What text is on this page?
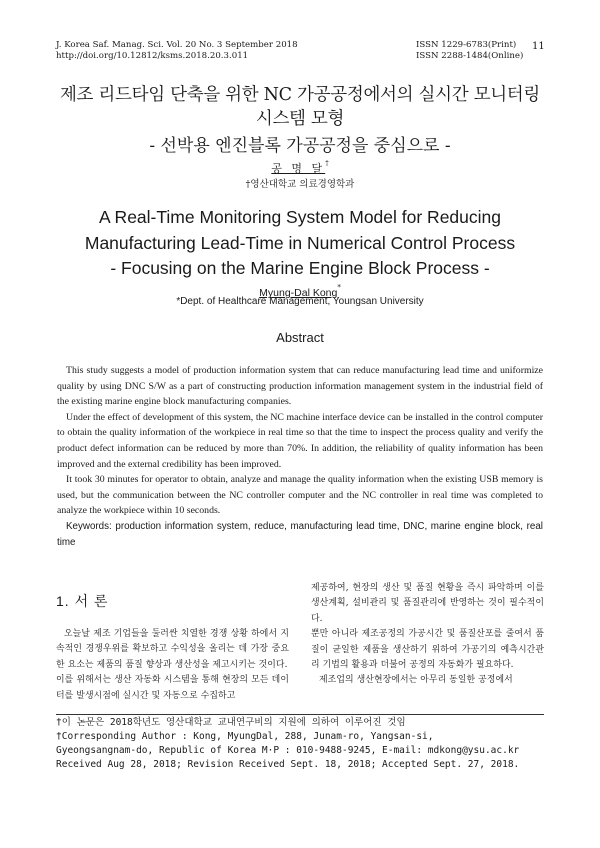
J. Korea Saf. Manag. Sci. Vol. 20 No. 3 September 2018
http://doi.org/10.12812/ksms.2018.20.3.011
ISSN 1229-6783(Print)
ISSN 2288-1484(Online)
11
제조 리드타임 단축을 위한 NC 가공공정에서의 실시간 모니터링
시스템 모형
- 선박용 엔진블록 가공공정을 중심으로 -
공 명 달†
†영산대학교 의료경영학과
A Real-Time Monitoring System Model for Reducing
Manufacturing Lead-Time in Numerical Control Process
- Focusing on the Marine Engine Block Process -
Myung-Dal Kong*
*Dept. of Healthcare Management, Youngsan University
Abstract

This study suggests a model of production information system that can reduce manufacturing lead time and uniformize quality by using DNC S/W as a part of constructing production information management system in the industrial field of the existing marine engine block manufacturing companies.

Under the effect of development of this system, the NC machine interface device can be installed in the control computer to obtain the quality information of the workpiece in real time so that the time to inspect the process quality and verify the product defect information can be reduced by more than 70%. In addition, the reliability of quality information has been improved and the external credibility has been improved.

It took 30 minutes for operator to obtain, analyze and manage the quality information when the existing USB memory is used, but the communication between the NC controller computer and the NC controller in real time was completed to analyze the workpiece within 10 seconds.

Keywords: production information system, reduce, manufacturing lead time, DNC, marine engine block, real time

1. 서 론

오늘날 제조 기업들을 둘러싼 치열한 경쟁 상황 하에서 지속적인 경쟁우위를 확보하고 수익성을 올리는 데 가장 중요한 요소는 제품의 품질 향상과 생산성을 제고시키는 것이다.

이를 위해서는 생산 자동화 시스템을 통해 현장의 모든 데이터를 발생시점에 실시간 및 자동으로 수집하고

제공하여, 현장의 생산 및 품질 현황을 즉시 파악하며 이를 생산계획, 설비관리 및 품질관리에 반영하는 것이 필수적이다.

뿐만 아니라 제조공정의 가공시간 및 품질산포를 줄여서 품질이 균일한 제품을 생산하기 위하여 가공기의 예측시간관리 기법의 활용과 더불어 공정의 자동화가 필요하다.

제조업의 생산현장에서는 아무리 동일한 공정에서

†이 논문은 2018학년도 영산대학교 교내연구비의 지원에 의하여 이루어진 것임
†Corresponding Author : Kong, MyungDal, 288, Junam-ro, Yangsan-si,
Gyeongsangnam-do, Republic of Korea M·P : 010-9488-9245, E-mail: mdkong@ysu.ac.kr
Received Aug 28, 2018; Revision Received Sept. 18, 2018; Accepted Sept. 27, 2018.
